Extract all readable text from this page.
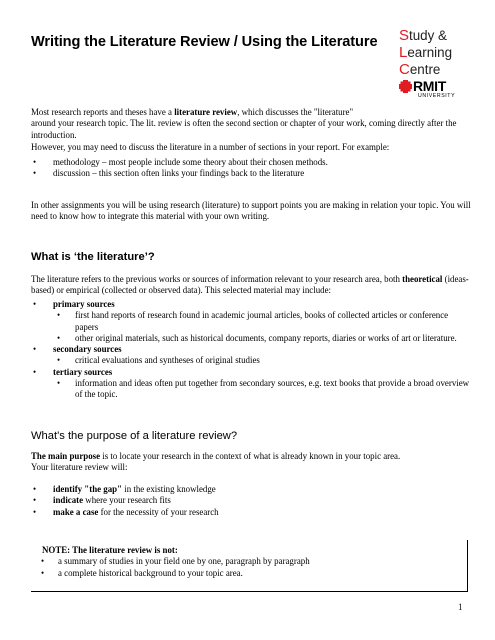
Writing the Literature Review / Using the Literature Study &
Learning
Centre
RMIT
UNIVERSITY
Most research reports and theses have a literature review, which discusses the "literature"
around your research topic. The lit. review is often the second section or chapter of your work, coming directly after the introduction.
However, you may need to discuss the literature in a number of sections in your report. For example:
• methodology – most people include some theory about their chosen methods.
• discussion – this section often links your findings back to the literature
In other assignments you will be using research (literature) to support points you are making in relation your topic. You will need to know how to integrate this material with your own writing.
What is ‘the literature’?
The literature refers to the previous works or sources of information relevant to your research area, both theoretical (ideas-based) or empirical (collected or observed data). This selected material may include:
• primary sources
• first hand reports of research found in academic journal articles, books of collected articles or conference papers
• other original materials, such as historical documents, company reports, diaries or works of art or literature.
• secondary sources
• critical evaluations and syntheses of original studies
• tertiary sources
• information and ideas often put together from secondary sources, e.g. text books that provide a broad overview of the topic.
What's the purpose of a literature review?
The main purpose is to locate your research in the context of what is already known in your topic area.
Your literature review will:
• identify "the gap" in the existing knowledge
• indicate where your research fits
• make a case for the necessity of your research
NOTE: The literature review is not:
• a summary of studies in your field one by one, paragraph by paragraph
• a complete historical background to your topic area.
1
